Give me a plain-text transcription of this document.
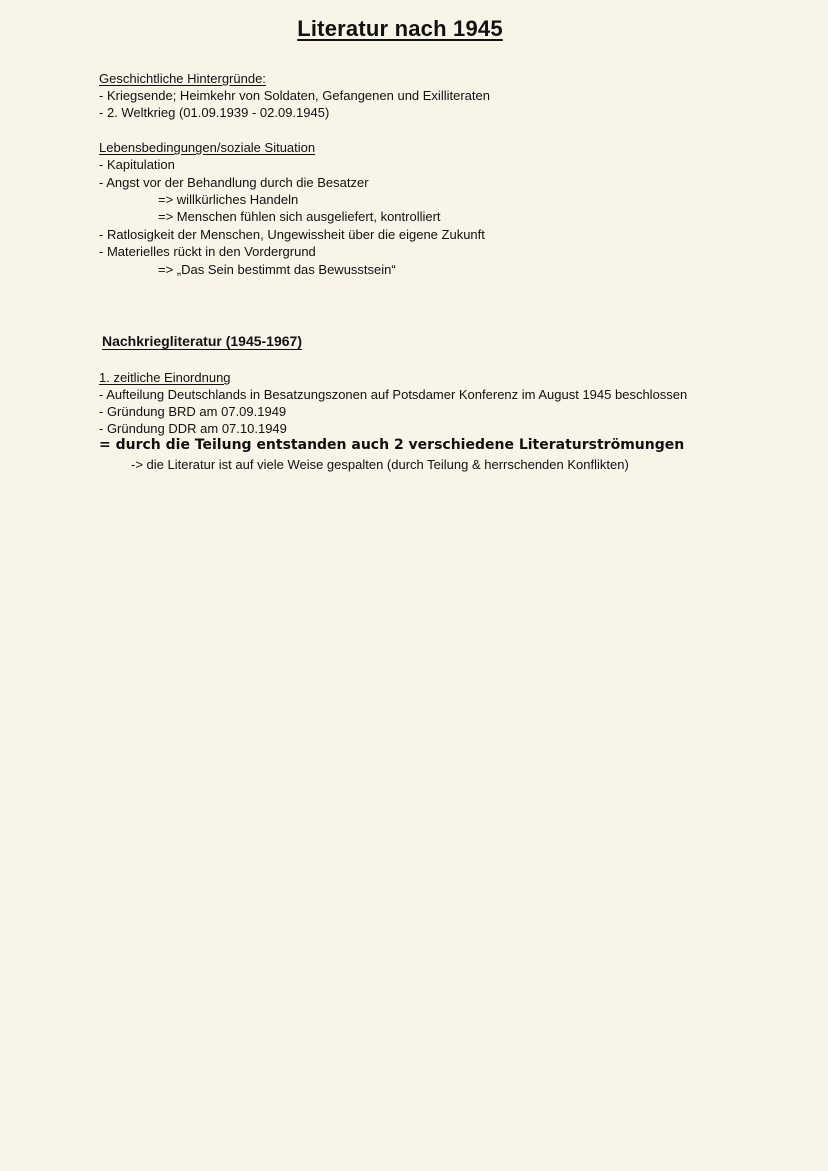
Literatur nach 1945
Geschichtliche Hintergründe:
- Kriegsende; Heimkehr von Soldaten, Gefangenen und Exilliteraten
- 2. Weltkrieg (01.09.1939 - 02.09.1945)
Lebensbedingungen/soziale Situation
- Kapitulation
- Angst vor der Behandlung durch die Besatzer
=> willkürliches Handeln
=> Menschen fühlen sich ausgeliefert, kontrolliert
- Ratlosigkeit der Menschen, Ungewissheit über die eigene Zukunft
- Materielles rückt in den Vordergrund
=> „Das Sein bestimmt das Bewusstsein“
Nachkriegliteratur (1945-1967)
1. zeitliche Einordnung
- Aufteilung Deutschlands in Besatzungszonen auf Potsdamer Konferenz im August 1945 beschlossen
- Gründung BRD am 07.09.1949
- Gründung DDR am 07.10.1949
= durch die Teilung entstanden auch 2 verschiedene Literaturströmungen
-> die Literatur ist auf viele Weise gespalten (durch Teilung & herrschenden Konflikten)
